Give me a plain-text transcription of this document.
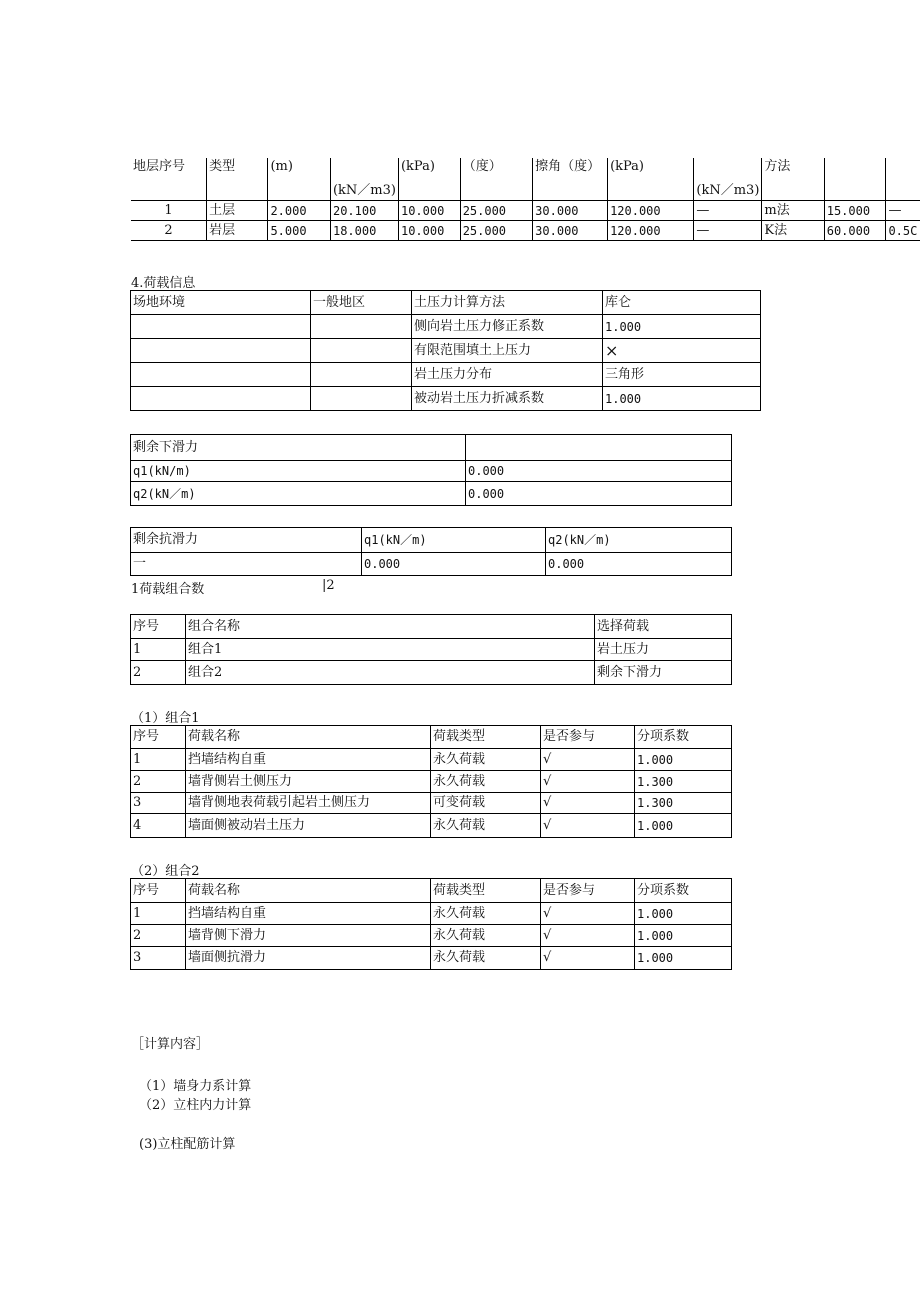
地层序号	类型	(m)		(kPa)	（度）	擦角（度）	(kPa)		方法		
			(kN／m3)					(kN／m3)			
1	土层	2.000	20.100	10.000	25.000	30.000	120.000	—	m法	15.000	—
2	岩层	5.000	18.000	10.000	25.000	30.000	120.000	—	K法	60.000	0.5C
4.荷载信息
场地环境	一般地区	土压力计算方法	库仑
		侧向岩土压力修正系数	1.000
		有限范围填土上压力	×
		岩土压力分布	三角形
		被动岩土压力折减系数	1.000
剩余下滑力	
q1(kN/m)	0.000
q2(kN／m)	0.000
剩余抗滑力	q1(kN／m)	q2(kN／m)
一	0.000	0.000
1荷载组合数	|2
序号	组合名称	选择荷载
1	组合1	岩土压力
2	组合2	剩余下滑力
（1）组合1
序号	荷载名称	荷载类型	是否参与	分项系数
1	挡墙结构自重	永久荷载	√	1.000
2	墙背侧岩土侧压力	永久荷载	√	1.300
3	墙背侧地表荷载引起岩土侧压力	可变荷载	√	1.300
4	墙面侧被动岩土压力	永久荷载	√	1.000
（2）组合2
序号	荷载名称	荷载类型	是否参与	分项系数
1	挡墙结构自重	永久荷载	√	1.000
2	墙背侧下滑力	永久荷载	√	1.000
3	墙面侧抗滑力	永久荷载	√	1.000
［计算内容］
（1）墙身力系计算
（2）立柱内力计算
(3)立柱配筋计算
